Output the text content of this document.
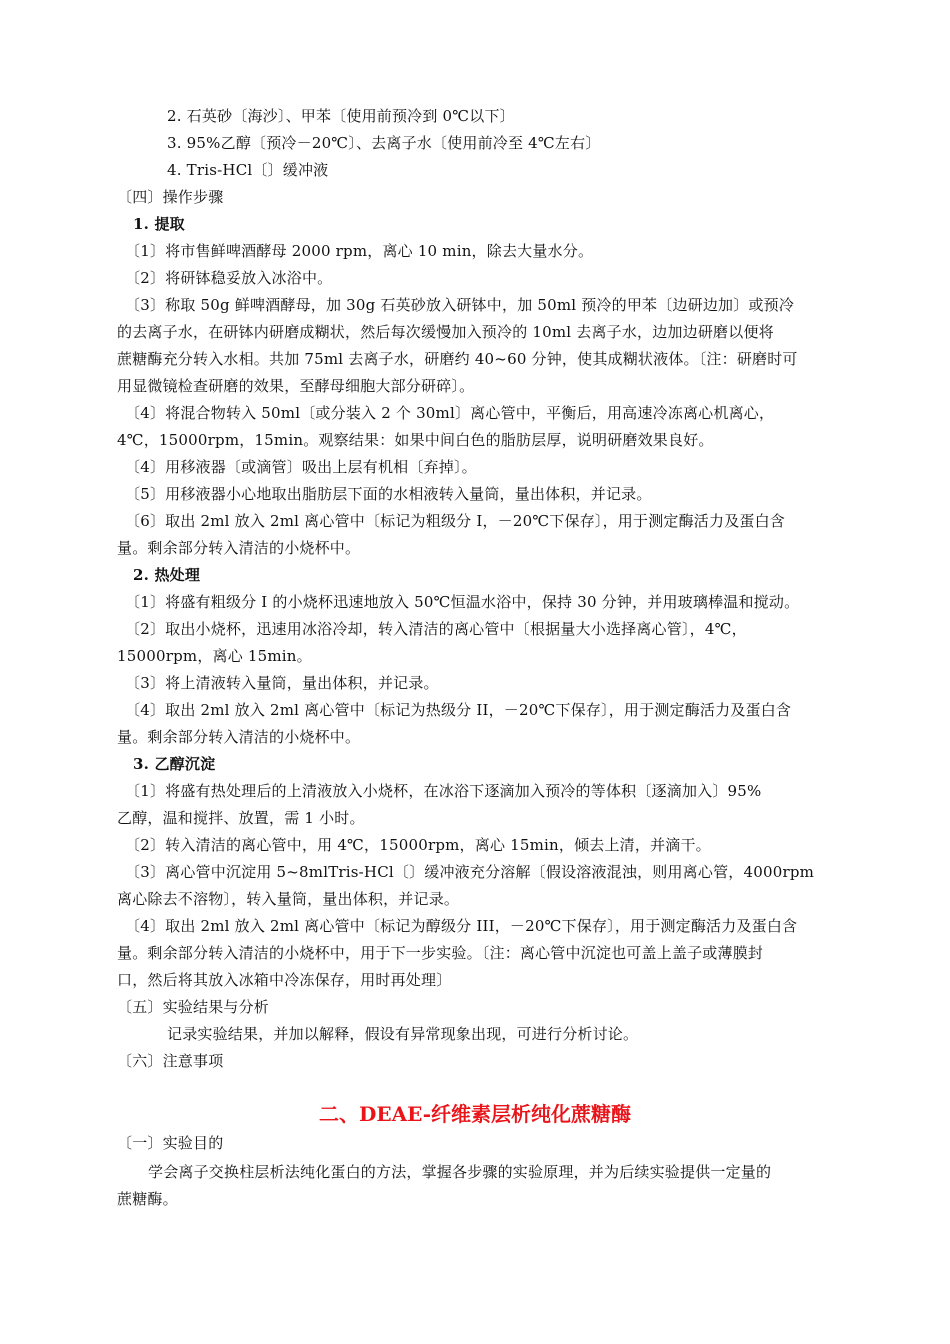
2. 石英砂〔海沙〕、甲苯〔使用前预冷到 0℃以下〕
3. 95%乙醇〔预冷－20℃〕、去离子水〔使用前冷至 4℃左右〕
4. Tris-HCl〔〕缓冲液
〔四〕操作步骤
1. 提取
〔1〕将市售鲜啤酒酵母 2000 rpm，离心 10 min，除去大量水分。
〔2〕将研钵稳妥放入冰浴中。
〔3〕称取 50g 鲜啤酒酵母，加 30g 石英砂放入研钵中，加 50ml 预冷的甲苯〔边研边加〕或预冷
的去离子水，在研钵内研磨成糊状，然后每次缓慢加入预冷的 10ml 去离子水，边加边研磨以便将
蔗糖酶充分转入水相。共加 75ml 去离子水，研磨约 40~60 分钟，使其成糊状液体。〔注：研磨时可
用显微镜检查研磨的效果，至酵母细胞大部分研碎〕。
〔4〕将混合物转入 50ml〔或分装入 2 个 30ml〕离心管中，平衡后，用高速冷冻离心机离心，
4℃，15000rpm，15min。观察结果：如果中间白色的脂肪层厚，说明研磨效果良好。
〔4〕用移液器〔或滴管〕吸出上层有机相〔弃掉〕。
〔5〕用移液器小心地取出脂肪层下面的水相液转入量筒，量出体积，并记录。
〔6〕取出 2ml 放入 2ml 离心管中〔标记为粗级分 I，－20℃下保存〕，用于测定酶活力及蛋白含
量。剩余部分转入清洁的小烧杯中。
2. 热处理
〔1〕将盛有粗级分 I 的小烧杯迅速地放入 50℃恒温水浴中，保持 30 分钟，并用玻璃棒温和搅动。
〔2〕取出小烧杯，迅速用冰浴冷却，转入清洁的离心管中〔根据量大小选择离心管〕，4℃，
15000rpm，离心 15min。
〔3〕将上清液转入量筒，量出体积，并记录。
〔4〕取出 2ml 放入 2ml 离心管中〔标记为热级分 II，－20℃下保存〕，用于测定酶活力及蛋白含
量。剩余部分转入清洁的小烧杯中。
3. 乙醇沉淀
〔1〕将盛有热处理后的上清液放入小烧杯，在冰浴下逐滴加入预冷的等体积〔逐滴加入〕95%
乙醇，温和搅拌、放置，需 1 小时。
〔2〕转入清洁的离心管中，用 4℃，15000rpm，离心 15min，倾去上清，并滴干。
〔3〕离心管中沉淀用 5~8mlTris-HCl〔〕缓冲液充分溶解〔假设溶液混浊，则用离心管，4000rpm
离心除去不溶物〕，转入量筒，量出体积，并记录。
〔4〕取出 2ml 放入 2ml 离心管中〔标记为醇级分 III，－20℃下保存〕，用于测定酶活力及蛋白含
量。剩余部分转入清洁的小烧杯中，用于下一步实验。〔注：离心管中沉淀也可盖上盖子或薄膜封
口，然后将其放入冰箱中冷冻保存，用时再处理〕
〔五〕实验结果与分析
记录实验结果，并加以解释，假设有异常现象出现，可进行分析讨论。
〔六〕注意事项
二、DEAE-纤维素层析纯化蔗糖酶
〔一〕实验目的
学会离子交换柱层析法纯化蛋白的方法，掌握各步骤的实验原理，并为后续实验提供一定量的
蔗糖酶。
